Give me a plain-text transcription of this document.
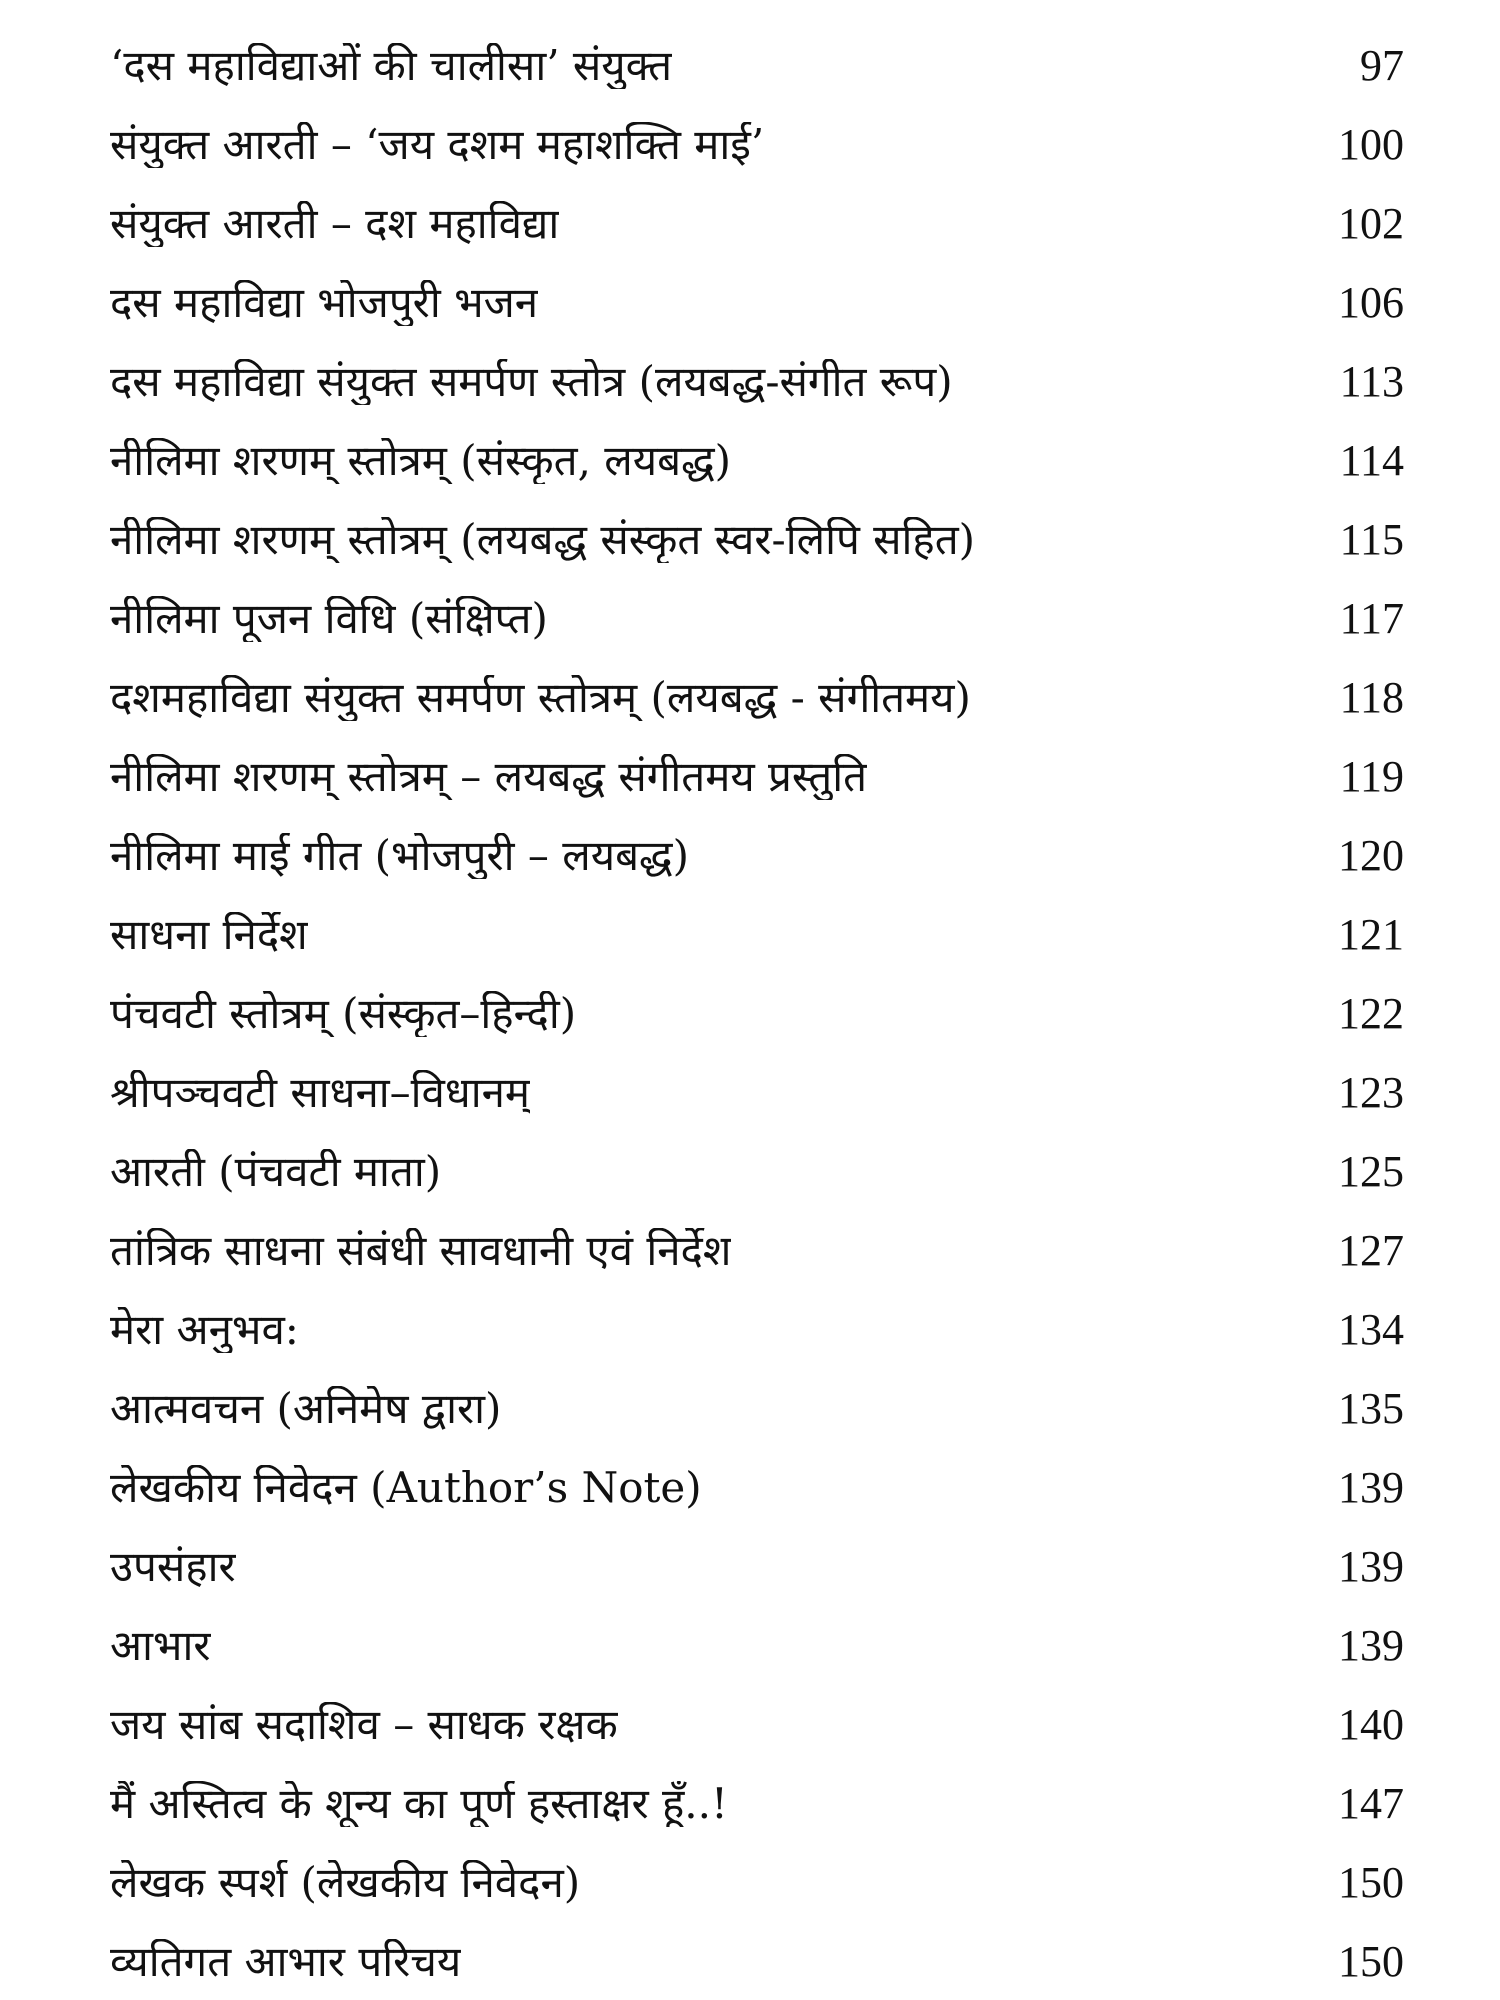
‘दस महाविद्याओं की चालीसा’ संयुक्त	97
संयुक्त आरती – ‘जय दशम महाशक्ति माई’	100
संयुक्त आरती – दश महाविद्या	102
दस महाविद्या भोजपुरी भजन	106
दस महाविद्या संयुक्त समर्पण स्तोत्र (लयबद्ध-संगीत रूप)	113
नीलिमा शरणम् स्तोत्रम् (संस्कृत, लयबद्ध)	114
नीलिमा शरणम् स्तोत्रम् (लयबद्ध संस्कृत स्वर-लिपि सहित)	115
नीलिमा पूजन विधि (संक्षिप्त)	117
दशमहाविद्या संयुक्त समर्पण स्तोत्रम् (लयबद्ध - संगीतमय)	118
नीलिमा शरणम् स्तोत्रम् – लयबद्ध संगीतमय प्रस्तुति	119
नीलिमा माई गीत (भोजपुरी – लयबद्ध)	120
साधना निर्देश	121
पंचवटी स्तोत्रम् (संस्कृत–हिन्दी)	122
श्रीपञ्चवटी साधना–विधानम्	123
आरती (पंचवटी माता)	125
तांत्रिक साधना संबंधी सावधानी एवं निर्देश	127
मेरा अनुभव:	134
आत्मवचन (अनिमेष द्वारा)	135
लेखकीय निवेदन (Author’s Note)	139
उपसंहार	139
आभार	139
जय सांब सदाशिव – साधक रक्षक	140
मैं अस्तित्व के शून्य का पूर्ण हस्ताक्षर हूँ..!	147
लेखक स्पर्श (लेखकीय निवेदन)	150
व्यतिगत आभार परिचय	150
